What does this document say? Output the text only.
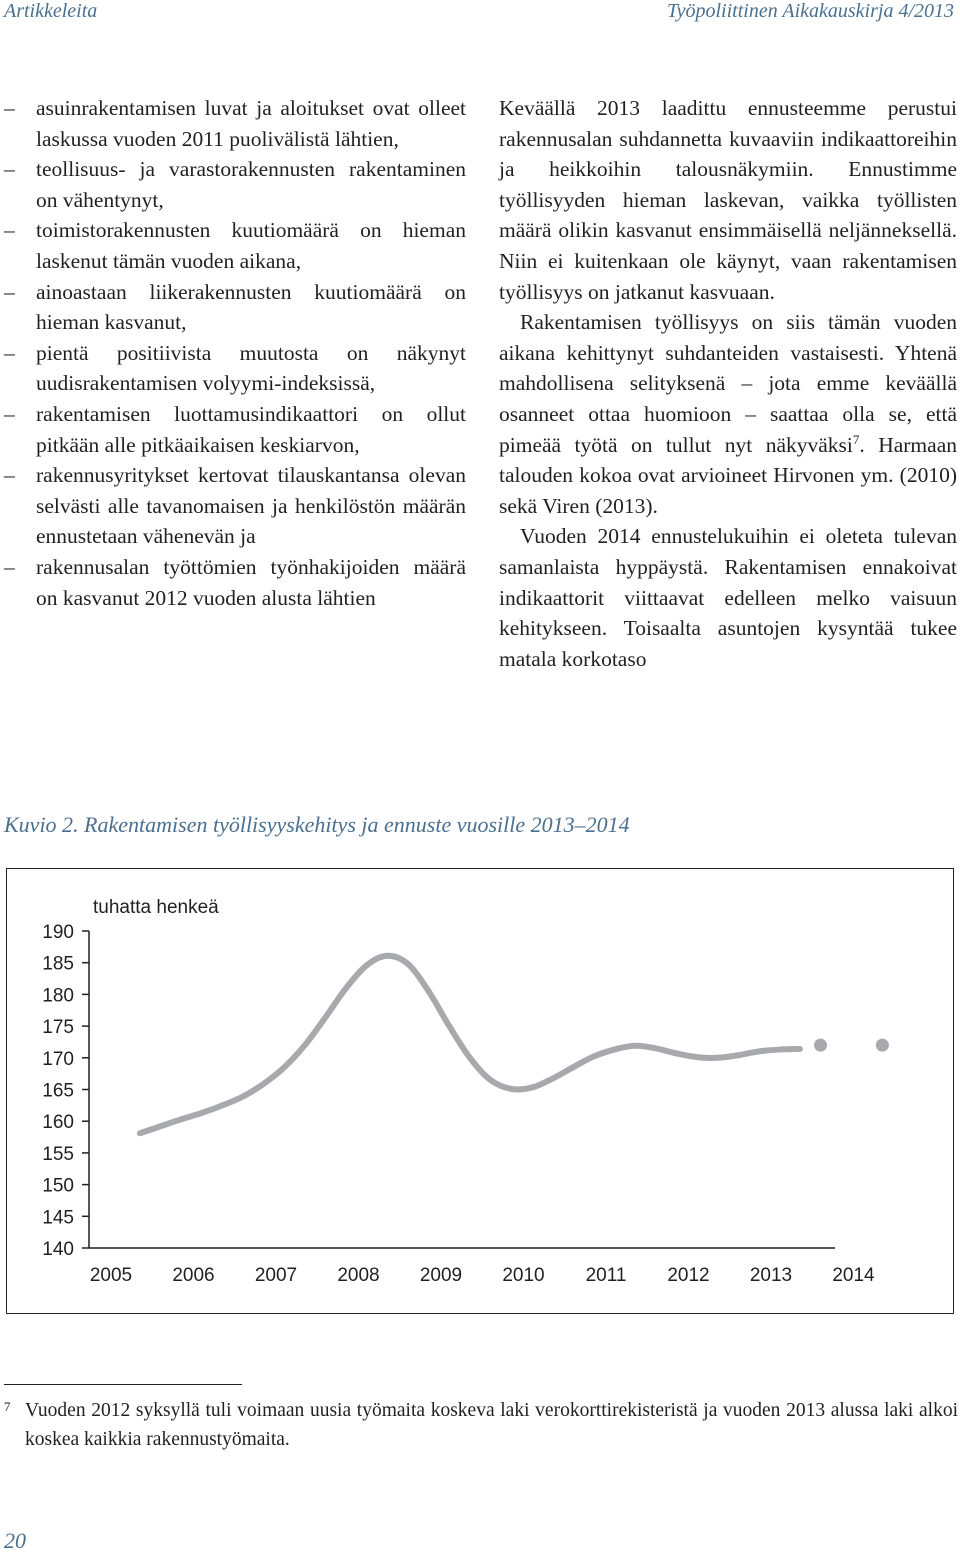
Artikkeleita	Työpoliittinen Aikakauskirja 4/2013
– asuinrakentamisen luvat ja aloitukset ovat olleet laskussa vuoden 2011 puolivälistä lähtien,
– teollisuus- ja varastorakennusten rakentaminen on vähentynyt,
– toimistorakennusten kuutiomäärä on hieman laskenut tämän vuoden aikana,
– ainoastaan liikerakennusten kuutiomäärä on hieman kasvanut,
– pientä positiivista muutosta on näkynyt uudisrakentamisen volyymi-indeksissä,
– rakentamisen luottamusindikaattori on ollut pitkään alle pitkäaikaisen keskiarvon,
– rakennusyritykset kertovat tilauskantansa olevan selvästi alle tavanomaisen ja henkilöstön määrän ennustetaan vähenevän ja
– rakennusalan työttömien työnhakijoiden määrä on kasvanut 2012 vuoden alusta lähtien

Keväällä 2013 laadittu ennusteemme perustui rakennusalan suhdannetta kuvaaviin indikaattoreihin ja heikkoihin talousnäkymiin. Ennustimme työllisyyden hieman laskevan, vaikka työllisten määrä olikin kasvanut ensimmäisellä neljänneksellä. Niin ei kuitenkaan ole käynyt, vaan rakentamisen työllisyys on jatkanut kasvuaan.

Rakentamisen työllisyys on siis tämän vuoden aikana kehittynyt suhdanteiden vastaisesti. Yhtenä mahdollisena selityksenä – jota emme keväällä osanneet ottaa huomioon – saattaa olla se, että pimeää työtä on tullut nyt näkyväksi$^7$. Harmaan talouden kokoa ovat arvioineet Hirvonen ym. (2010) sekä Viren (2013).

Vuoden 2014 ennustelukuihin ei oleteta tulevan samanlaista hyppäystä. Rakentamisen ennakoivat indikaattorit viittaavat edelleen melko vaisuun kehitykseen. Toisaalta asuntojen kysyntää tukee matala korkotaso

Kuvio 2. Rakentamisen työllisyyskehitys ja ennuste vuosille 2013–2014
tuhatta henkeä
190
185
180
175
170
165
160
155
150
145
140
2005 2006 2007 2008 2009 2010 2011 2012 2013 2014
7 Vuoden 2012 syksyllä tuli voimaan uusia työmaita koskeva laki verokorttirekisteristä ja vuoden 2013 alussa laki alkoi koskea kaikkia rakennustyömaita.
20
